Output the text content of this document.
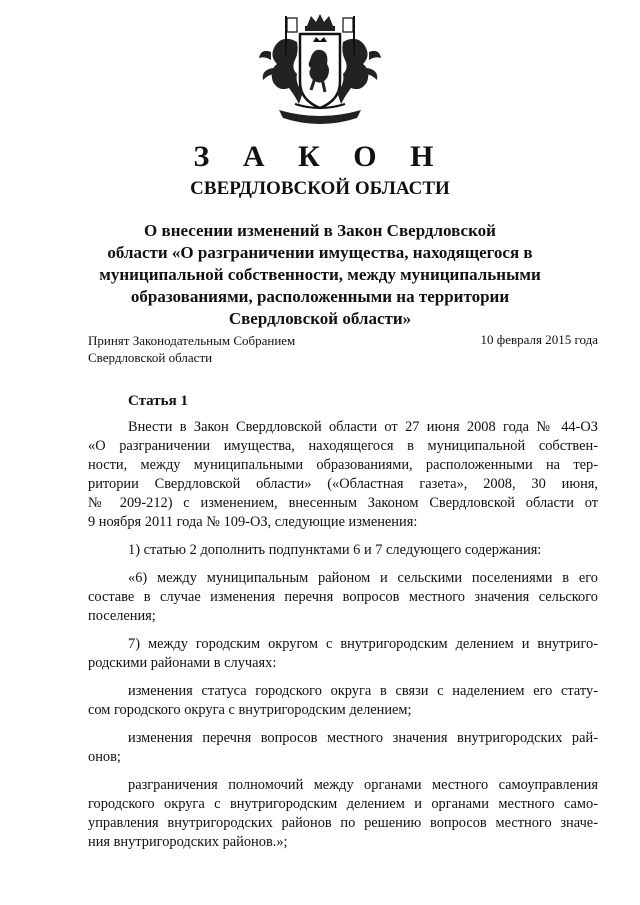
З А К О Н
СВЕРДЛОВСКОЙ ОБЛАСТИ
О внесении изменений в Закон Свердловской
области «О разграничении имущества, находящегося в
муниципальной собственности, между муниципальными
образованиями, расположенными на территории
Свердловской области»
Принят Законодательным Собранием
Свердловской области
10 февраля 2015 года
Статья 1
Внести в Закон Свердловской области от 27 июня 2008 года № 44-ОЗ
«О разграничении имущества, находящегося в муниципальной собствен-
ности, между муниципальными образованиями, расположенными на тер-
ритории Свердловской области» («Областная газета», 2008, 30 июня,
№ 209-212) с изменением, внесенным Законом Свердловской области от
9 ноября 2011 года № 109-ОЗ, следующие изменения:
1) статью 2 дополнить подпунктами 6 и 7 следующего содержания:
«6) между муниципальным районом и сельскими поселениями в его
составе в случае изменения перечня вопросов местного значения сельского
поселения;
7) между городским округом с внутригородским делением и внутриго-
родскими районами в случаях:
изменения статуса городского округа в связи с наделением его стату-
сом городского округа с внутригородским делением;
изменения перечня вопросов местного значения внутригородских рай-
онов;
разграничения полномочий между органами местного самоуправления
городского округа с внутригородским делением и органами местного само-
управления внутригородских районов по решению вопросов местного значе-
ния внутригородских районов.»;
